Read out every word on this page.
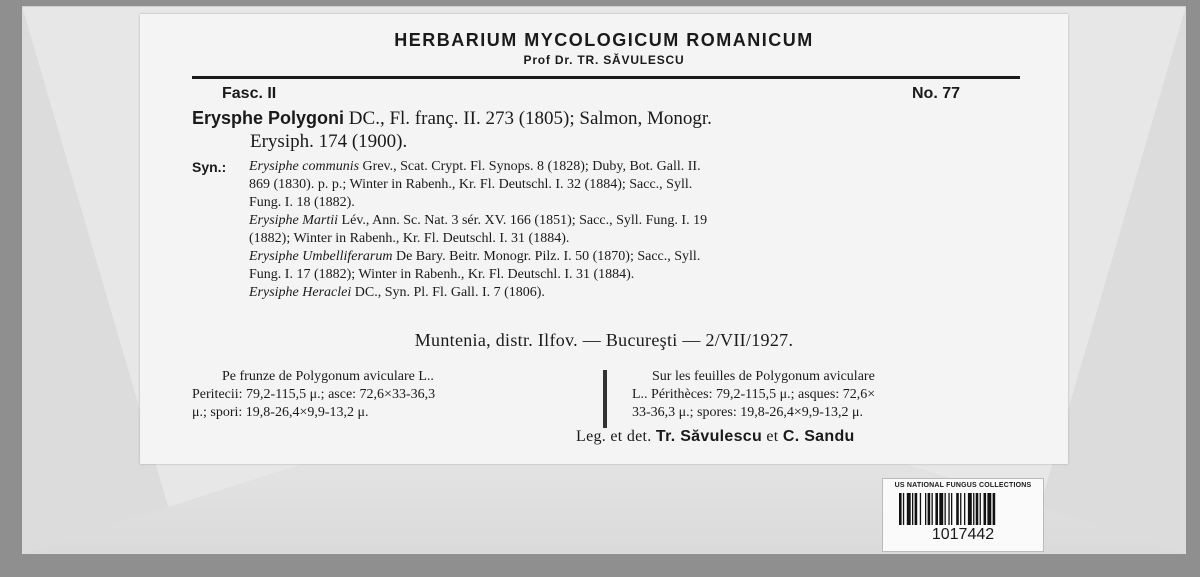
HERBARIUM MYCOLOGICUM ROMANICUM
Prof Dr. TR. SĂVULESCU
Fasc. II	No. 77
Erysphe Polygoni DC., Fl. franç. II. 273 (1805); Salmon, Monogr.
Erysiph. 174 (1900).
Syn.:	Erysiphe communis Grev., Scat. Crypt. Fl. Synops. 8 (1828); Duby, Bot. Gall. II.
869 (1830). p. p.; Winter in Rabenh., Kr. Fl. Deutschl. I. 32 (1884); Sacc., Syll.
Fung. I. 18 (1882).
Erysiphe Martii Lév., Ann. Sc. Nat. 3 sér. XV. 166 (1851); Sacc., Syll. Fung. I. 19
(1882); Winter in Rabenh., Kr. Fl. Deutschl. I. 31 (1884).
Erysiphe Umbelliferarum De Bary. Beitr. Monogr. Pilz. I. 50 (1870); Sacc., Syll.
Fung. I. 17 (1882); Winter in Rabenh., Kr. Fl. Deutschl. I. 31 (1884).
Erysiphe Heraclei DC., Syn. Pl. Fl. Gall. I. 7 (1806).
Muntenia, distr. Ilfov. — Bucureşti — 2/VII/1927.
Pe frunze de Polygonum aviculare L..
Peritecii: 79,2-115,5 μ.; asce: 72,6×33-36,3
μ.; spori: 19,8-26,4×9,9-13,2 μ.
Sur les feuilles de Polygonum aviculare
L.. Périthèces: 79,2-115,5 μ.; asques: 72,6×
33-36,3 μ.; spores: 19,8-26,4×9,9-13,2 μ.
Leg. et det. Tr. Săvulescu et C. Sandu
US NATIONAL FUNGUS COLLECTIONS
1017442
